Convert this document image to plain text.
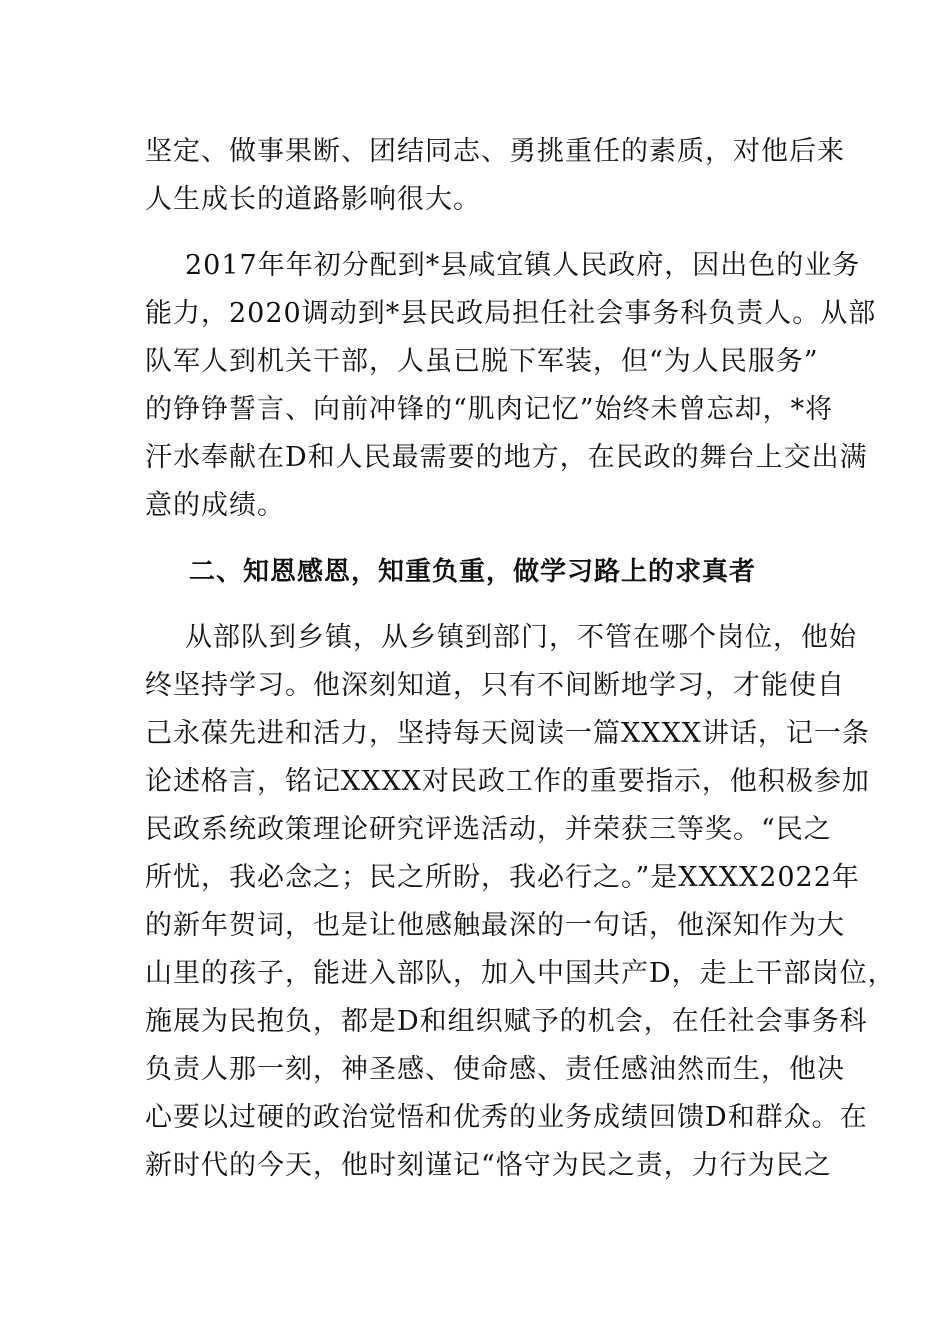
坚定、做事果断、团结同志、勇挑重任的素质，对他后来
人生成长的道路影响很大。
2017年年初分配到*县咸宜镇人民政府，因出色的业务
能力，2020调动到*县民政局担任社会事务科负责人。从部
队军人到机关干部，人虽已脱下军装，但“为人民服务”
的铮铮誓言、向前冲锋的“肌肉记忆”始终未曾忘却，*将
汗水奉献在D和人民最需要的地方，在民政的舞台上交出满
意的成绩。
二、知恩感恩，知重负重，做学习路上的求真者
从部队到乡镇，从乡镇到部门，不管在哪个岗位，他始
终坚持学习。他深刻知道，只有不间断地学习，才能使自
己永葆先进和活力，坚持每天阅读一篇XXXX讲话，记一条
论述格言，铭记XXXX对民政工作的重要指示，他积极参加
民政系统政策理论研究评选活动，并荣获三等奖。“民之
所忧，我必念之；民之所盼，我必行之。”是XXXX2022年
的新年贺词，也是让他感触最深的一句话，他深知作为大
山里的孩子，能进入部队，加入中国共产D，走上干部岗位，
施展为民抱负，都是D和组织赋予的机会，在任社会事务科
负责人那一刻，神圣感、使命感、责任感油然而生，他决
心要以过硬的政治觉悟和优秀的业务成绩回馈D和群众。在
新时代的今天，他时刻谨记“恪守为民之责，力行为民之
